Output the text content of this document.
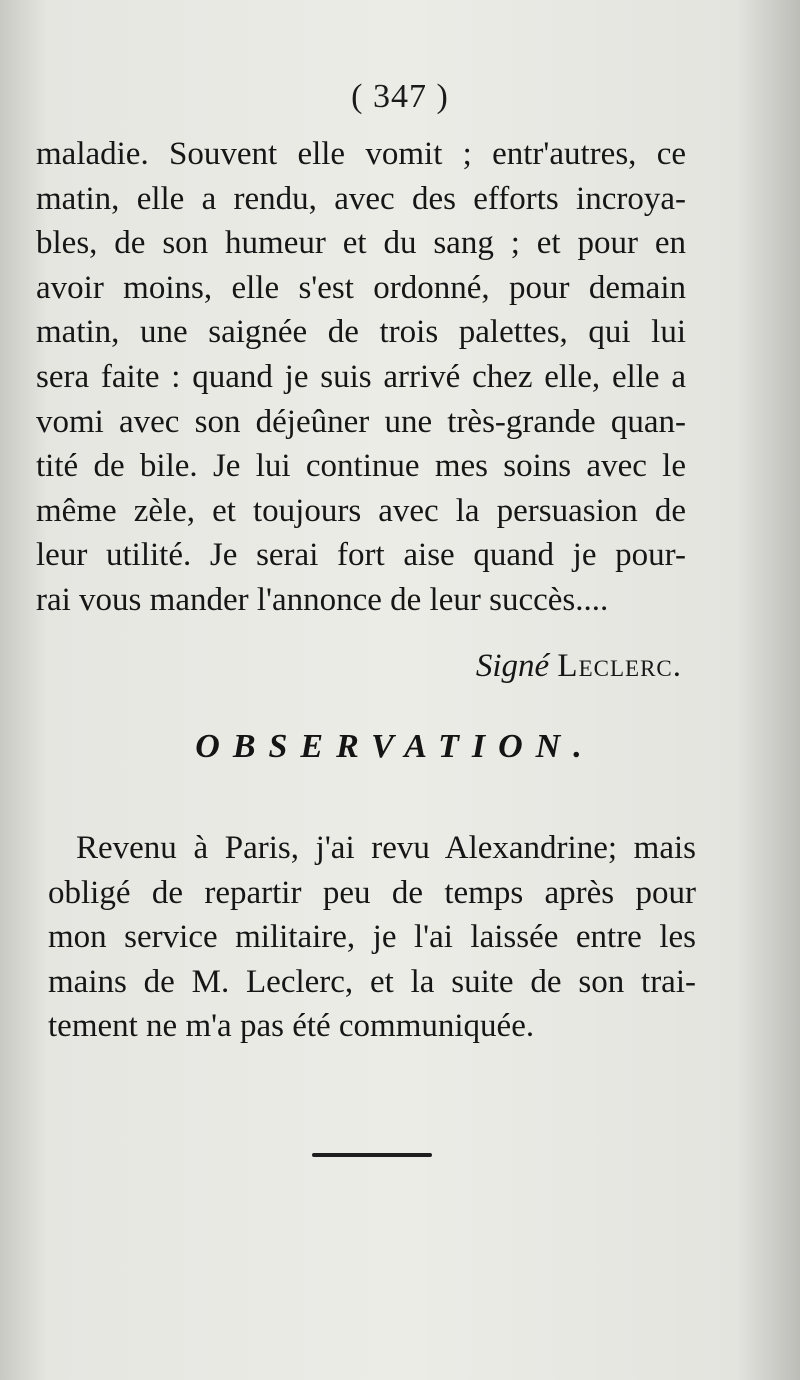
( 347 )
maladie. Souvent elle vomit ; entr'autres, ce
matin, elle a rendu, avec des efforts incroya-
bles, de son humeur et du sang ; et pour en
avoir moins, elle s'est ordonné, pour demain
matin, une saignée de trois palettes, qui lui
sera faite : quand je suis arrivé chez elle, elle a
vomi avec son déjeûner une très-grande quan-
tité de bile. Je lui continue mes soins avec le
même zèle, et toujours avec la persuasion de
leur utilité. Je serai fort aise quand je pour-
rai vous mander l'annonce de leur succès....
Signé Leclerc.
OBSERVATION.
Revenu à Paris, j'ai revu Alexandrine; mais
obligé de repartir peu de temps après pour
mon service militaire, je l'ai laissée entre les
mains de M. Leclerc, et la suite de son trai-
tement ne m'a pas été communiquée.
